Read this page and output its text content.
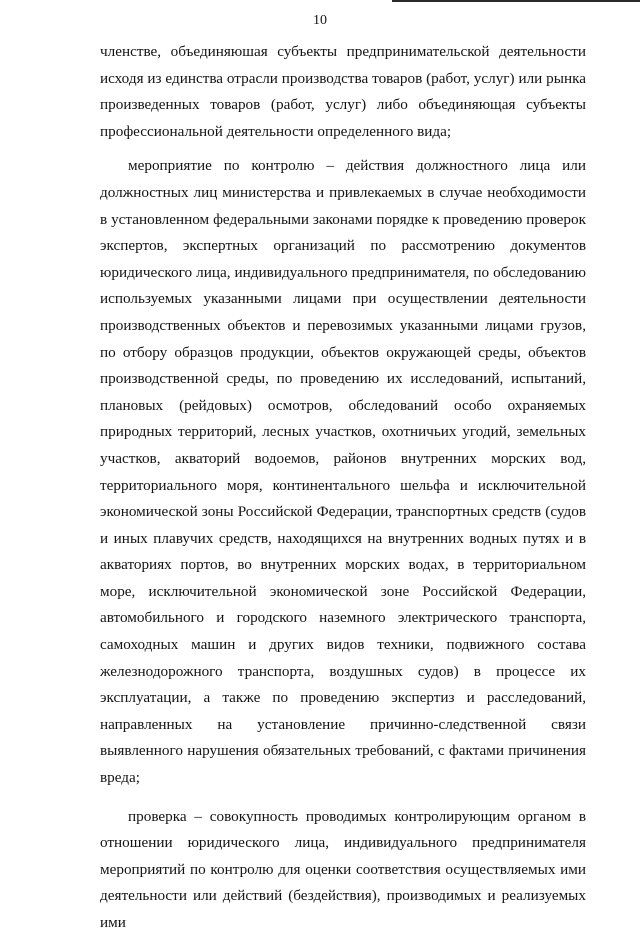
10

членстве, объединяюшая субъекты предпринимательской деятельности исходя из единства отрасли производства товаров (работ, услуг) или рынка произведенных товаров (работ, услуг) либо объединяющая субъекты профессиональной деятельности определенного вида;

мероприятие по контролю – действия должностного лица или должностных лиц министерства и привлекаемых в случае необходимости в установленном федеральными законами порядке к проведению проверок экспертов, экспертных организаций по рассмотрению документов юридического лица, индивидуального предпринимателя, по обследованию используемых указанными лицами при осуществлении деятельности производственных объектов и перевозимых указанными лицами грузов, по отбору образцов продукции, объектов окружающей среды, объектов производственной среды, по проведению их исследований, испытаний, плановых (рейдовых) осмотров, обследований особо охраняемых природных территорий, лесных участков, охотничьих угодий, земельных участков, акваторий водоемов, районов внутренних морских вод, территориального моря, континентального шельфа и исключительной экономической зоны Российской Федерации, транспортных средств (судов и иных плавучих средств, находящихся на внутренних водных путях и в акваториях портов, во внутренних морских водах, в территориальном море, исключительной экономической зоне Российской Федерации, автомобильного и городского наземного электрического транспорта, самоходных машин и других видов техники, подвижного состава железнодорожного транспорта, воздушных судов) в процессе их эксплуатации, а также по проведению экспертиз и расследований, направленных на установление причинно-следственной связи выявленного нарушения обязательных требований, с фактами причинения вреда;

проверка – совокупность проводимых контролирующим органом в отношении юридического лица, индивидуального предпринимателя мероприятий по контролю для оценки соответствия осуществляемых ими деятельности или действий (бездействия), производимых и реализуемых ими
